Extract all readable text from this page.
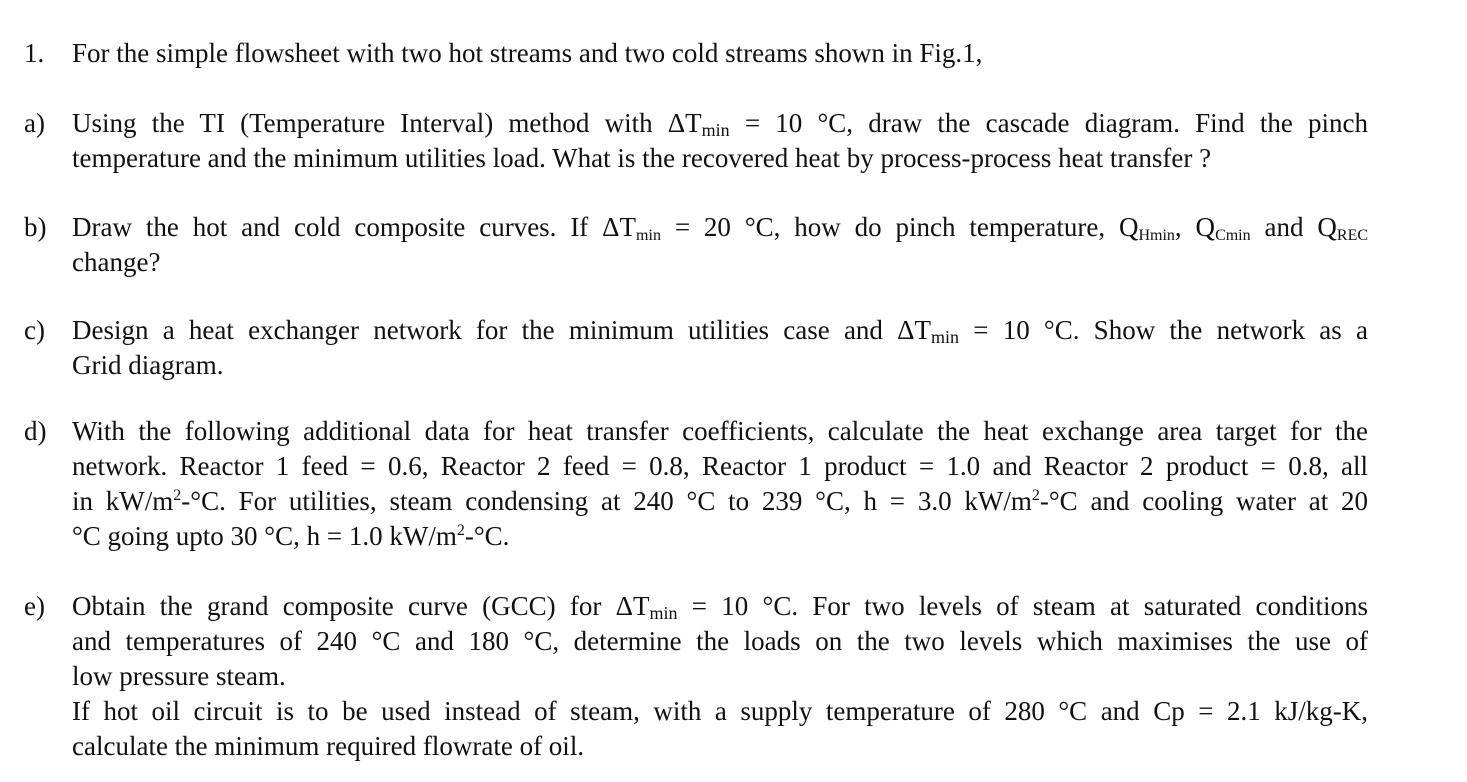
1. For the simple flowsheet with two hot streams and two cold streams shown in Fig.1,
a) Using the TI (Temperature Interval) method with $\Delta T_{min} = 10$ °C, draw the cascade diagram. Find the pinch
temperature and the minimum utilities load. What is the recovered heat by process-process heat transfer ?
b) Draw the hot and cold composite curves. If $\Delta T_{min} = 20$ °C, how do pinch temperature, $Q_{Hmin}$, $Q_{Cmin}$ and $Q_{REC}$
change?
c) Design a heat exchanger network for the minimum utilities case and $\Delta T_{min} = 10$ °C. Show the network as a
Grid diagram.
d) With the following additional data for heat transfer coefficients, calculate the heat exchange area target for the
network. Reactor 1 feed = 0.6, Reactor 2 feed = 0.8, Reactor 1 product = 1.0 and Reactor 2 product = 0.8, all
in $kW/m^2-^\circ C$. For utilities, steam condensing at 240 °C to 239 °C, h = 3.0 $kW/m^2-^\circ C$ and cooling water at 20
°C going upto 30 °C, h = 1.0 $kW/m^2-^\circ C$.
e) Obtain the grand composite curve (GCC) for $\Delta T_{min} = 10$ °C. For two levels of steam at saturated conditions
and temperatures of 240 °C and 180 °C, determine the loads on the two levels which maximises the use of
low pressure steam.
If hot oil circuit is to be used instead of steam, with a supply temperature of 280 °C and Cp = 2.1 kJ/kg-K,
calculate the minimum required flowrate of oil.
